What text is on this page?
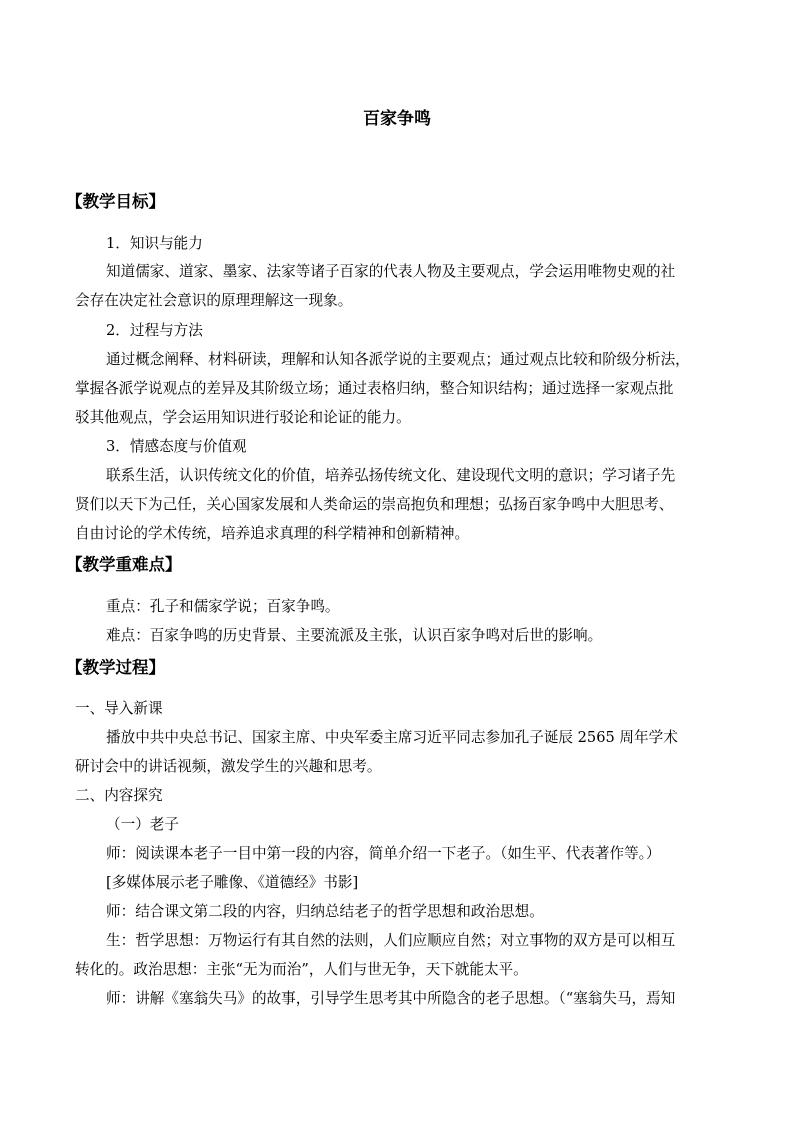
百家争鸣
【教学目标】
1．知识与能力
知道儒家、道家、墨家、法家等诸子百家的代表人物及主要观点，学会运用唯物史观的社
会存在决定社会意识的原理理解这一现象。
2．过程与方法
通过概念阐释、材料研读，理解和认知各派学说的主要观点；通过观点比较和阶级分析法，
掌握各派学说观点的差异及其阶级立场；通过表格归纳，整合知识结构；通过选择一家观点批
驳其他观点，学会运用知识进行驳论和论证的能力。
3．情感态度与价值观
联系生活，认识传统文化的价值，培养弘扬传统文化、建设现代文明的意识；学习诸子先
贤们以天下为己任，关心国家发展和人类命运的崇高抱负和理想；弘扬百家争鸣中大胆思考、
自由讨论的学术传统，培养追求真理的科学精神和创新精神。
【教学重难点】
重点：孔子和儒家学说；百家争鸣。
难点：百家争鸣的历史背景、主要流派及主张，认识百家争鸣对后世的影响。
【教学过程】
一、导入新课
播放中共中央总书记、国家主席、中央军委主席习近平同志参加孔子诞辰 2565 周年学术
研讨会中的讲话视频，激发学生的兴趣和思考。
二、内容探究
（一）老子
师：阅读课本老子一目中第一段的内容，简单介绍一下老子。（如生平、代表著作等。）
[多媒体展示老子雕像、《道德经》书影]
师：结合课文第二段的内容，归纳总结老子的哲学思想和政治思想。
生：哲学思想：万物运行有其自然的法则，人们应顺应自然；对立事物的双方是可以相互
转化的。政治思想：主张“无为而治”，人们与世无争，天下就能太平。
师：讲解《塞翁失马》的故事，引导学生思考其中所隐含的老子思想。（“塞翁失马，焉知
